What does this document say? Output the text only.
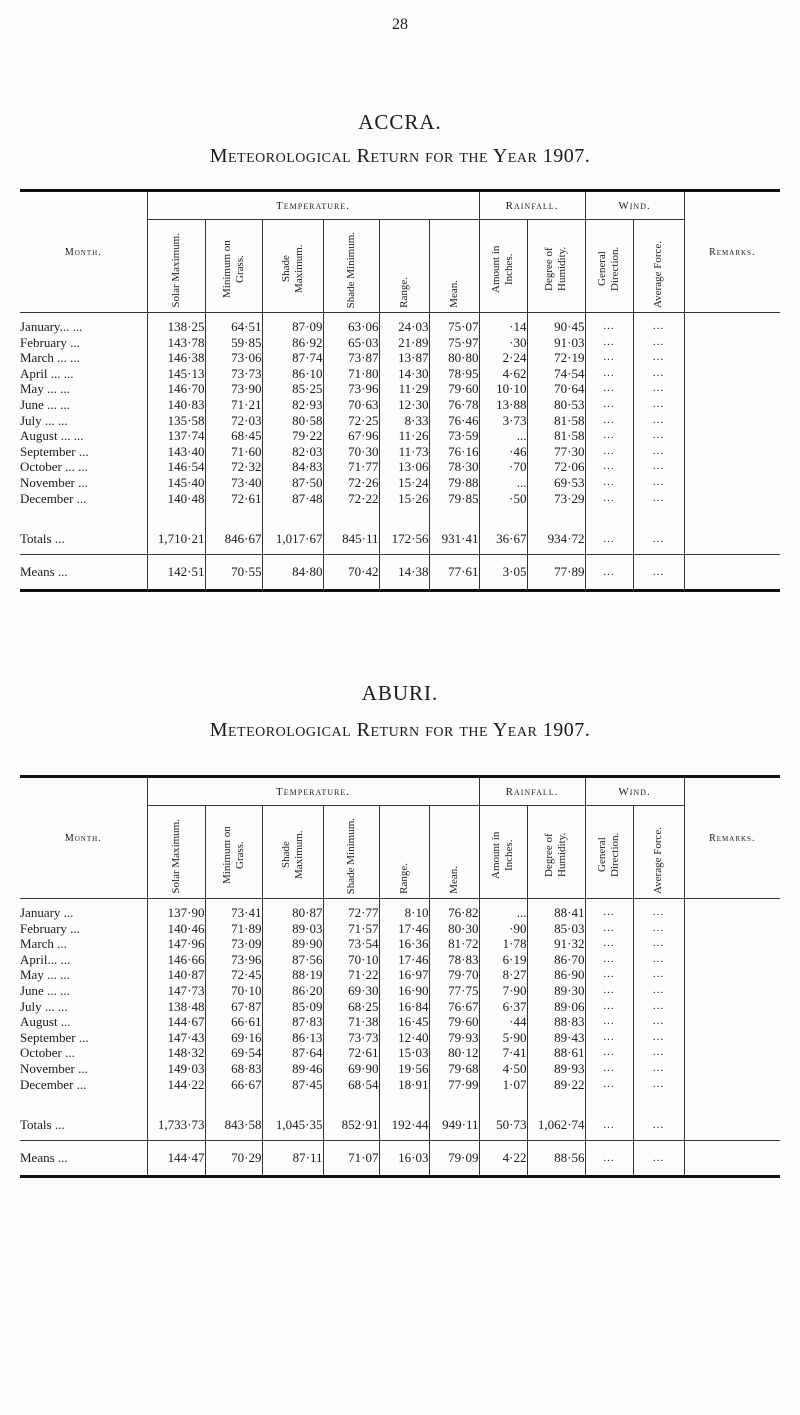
28
ACCRA.
Meteorological Return for the Year 1907.
Month.	Temperature.						Rainfall.		Wind.		Remarks.
	Solar Maximum.	Minimum on Grass.	Shade Maximum.	Shade Minimum.	Range.	Mean.	Amount in Inches.	Degree of Humidity.	General Direction.	Average Force.	
January... ...	138·25	64·51	87·09	63·06	24·03	75·07	·14	90·45	...	...	
February ...	143·78	59·85	86·92	65·03	21·89	75·97	·30	91·03	...	...	
March ... ...	146·38	73·06	87·74	73·87	13·87	80·80	2·24	72·19	...	...	
April ... ...	145·13	73·73	86·10	71·80	14·30	78·95	4·62	74·54	...	...	
May ... ...	146·70	73·90	85·25	73·96	11·29	79·60	10·10	70·64	...	...	
June ... ...	140·83	71·21	82·93	70·63	12·30	76·78	13·88	80·53	...	...	
July ... ...	135·58	72·03	80·58	72·25	8·33	76·46	3·73	81·58	...	...	
August ... ...	137·74	68·45	79·22	67·96	11·26	73·59	...	81·58	...	...	
September ...	143·40	71·60	82·03	70·30	11·73	76·16	·46	77·30	...	...	
October ... ...	146·54	72·32	84·83	71·77	13·06	78·30	·70	72·06	...	...	
November ...	145·40	73·40	87·50	72·26	15·24	79·88	...	69·53	...	...	
December ...	140·48	72·61	87·48	72·22	15·26	79·85	·50	73·29	...	...	

Totals ...	1,710·21	846·67	1,017·67	845·11	172·56	931·41	36·67	934·72	...	...	
Means ...	142·51	70·55	84·80	70·42	14·38	77·61	3·05	77·89	...	...	
ABURI.
Meteorological Return for the Year 1907.
Month.	Temperature.						Rainfall.		Wind.		Remarks.
	Solar Maximum.	Minimum on Grass.	Shade Maximum.	Shade Minimum.	Range.	Mean.	Amount in Inches.	Degree of Humidity.	General Direction.	Average Force.	
January ...	137·90	73·41	80·87	72·77	8·10	76·82	...	88·41	...	...	
February ...	140·46	71·89	89·03	71·57	17·46	80·30	·90	85·03	...	...	
March ...	147·96	73·09	89·90	73·54	16·36	81·72	1·78	91·32	...	...	
April... ...	146·66	73·96	87·56	70·10	17·46	78·83	6·19	86·70	...	...	
May ... ...	140·87	72·45	88·19	71·22	16·97	79·70	8·27	86·90	...	...	
June ... ...	147·73	70·10	86·20	69·30	16·90	77·75	7·90	89·30	...	...	
July ... ...	138·48	67·87	85·09	68·25	16·84	76·67	6·37	89·06	...	...	
August ...	144·67	66·61	87·83	71·38	16·45	79·60	·44	88·83	...	...	
September ...	147·43	69·16	86·13	73·73	12·40	79·93	5·90	89·43	...	...	
October ...	148·32	69·54	87·64	72·61	15·03	80·12	7·41	88·61	...	...	
November ...	149·03	68·83	89·46	69·90	19·56	79·68	4·50	89·93	...	...	
December ...	144·22	66·67	87·45	68·54	18·91	77·99	1·07	89·22	...	...	

Totals ...	1,733·73	843·58	1,045·35	852·91	192·44	949·11	50·73	1,062·74	...	...	
Means ...	144·47	70·29	87·11	71·07	16·03	79·09	4·22	88·56	...	...	
